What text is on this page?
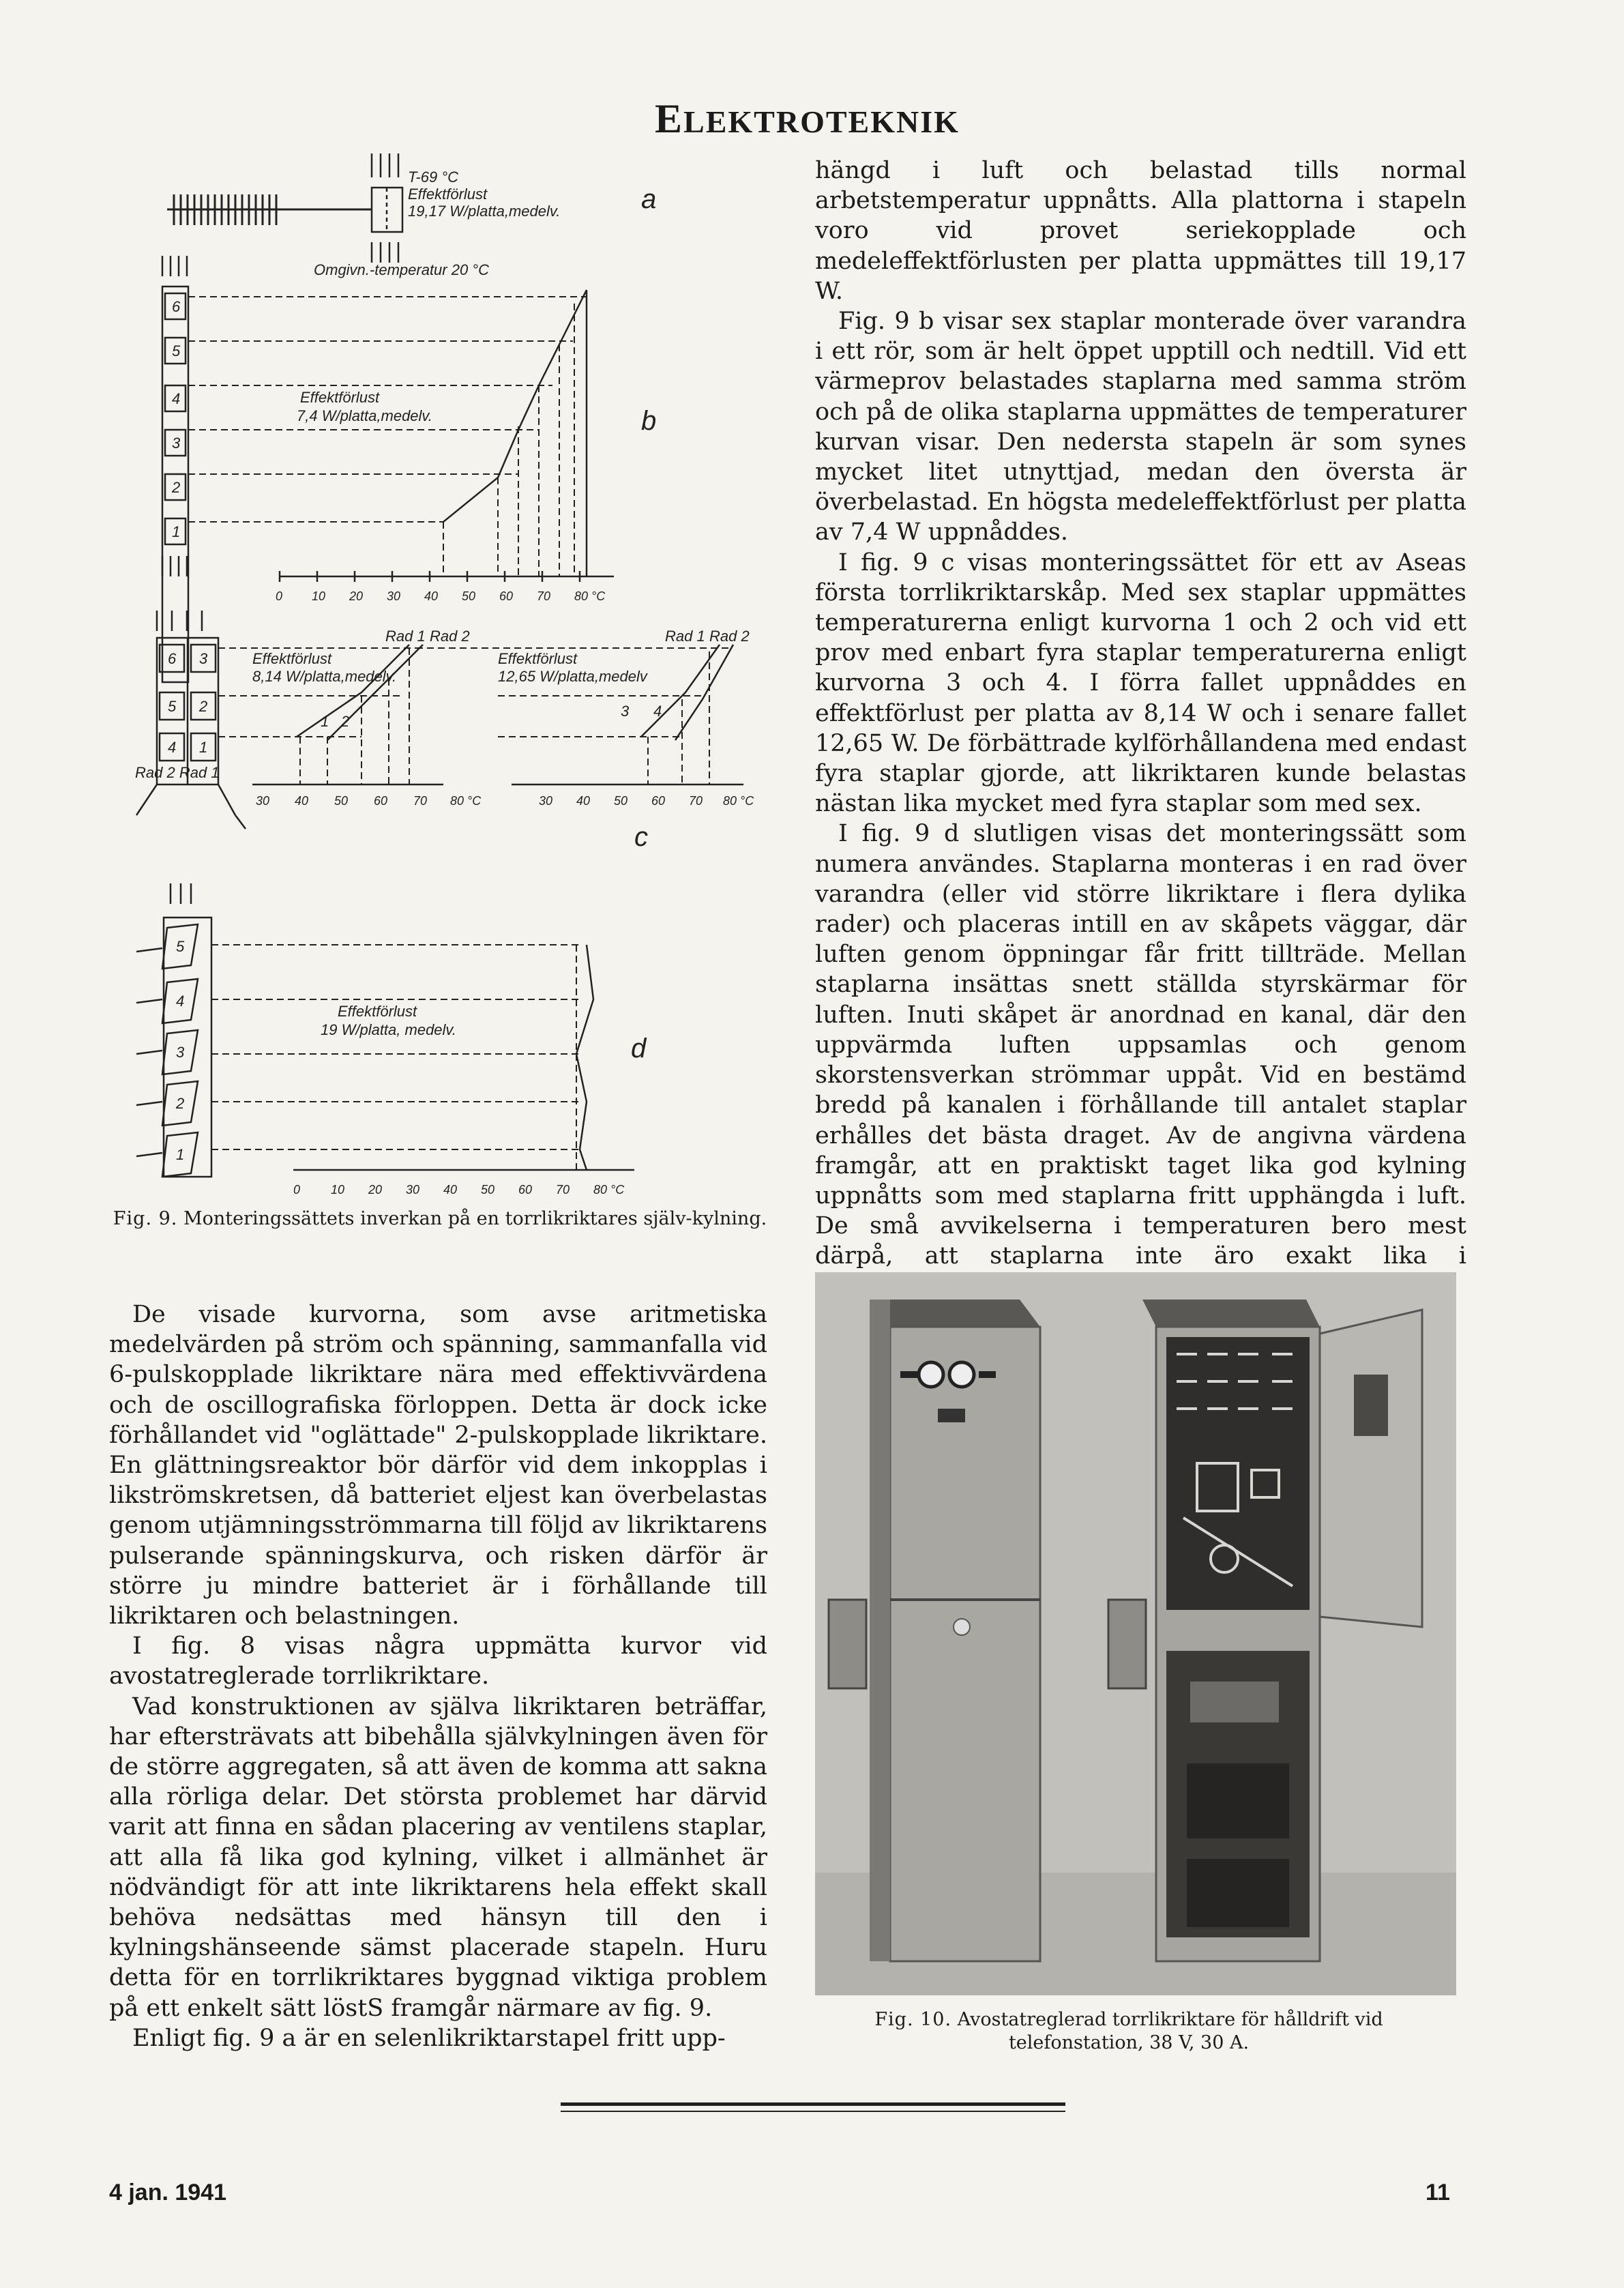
ELEKTROTEKNIK
T-69 °C
Effektförlust
19,17 W/platta,medelv.
Omgivn.-temperatur 20 °C
a
Effektförlust
7,4 W/platta,medelv.	b
6
5
4
3
2
1
0 10 20 30 40 50 60 70 80 °C
Rad 1 Rad 2	Rad 1 Rad 2
Effektförlust
8,14 W/platta,medelv.
Effektförlust
12,65 W/platta,medelv
6
5
4
3
2
1
Rad 2 Rad 1
30 40 50 60 70 80 °C	30 40 50 60 70 80 °C
1 2
3 4
c
Effektförlust
19 W/platta, medelv.
d
5
4
3
2
1
0 10 20 30 40 50 60 70 80 °C
Fig. 9. Monteringssättets inverkan på en torrlikriktares själv-kylning.

hängd i luft och belastad tills normal arbetstemperatur uppnåtts. Alla plattorna i stapeln voro vid provet seriekopplade och medeleffektförlusten per platta uppmättes till 19,17 W.

Fig. 9 b visar sex staplar monterade över varandra i ett rör, som är helt öppet upptill och nedtill. Vid ett värmeprov belastades staplarna med samma ström och på de olika staplarna uppmättes de temperaturer kurvan visar. Den nedersta stapeln är som synes mycket litet utnyttjad, medan den översta är överbelastad. En högsta medeleffektförlust per platta av 7,4 W uppnåddes.

I fig. 9 c visas monteringssättet för ett av Aseas första torrlikriktarskåp. Med sex staplar uppmättes temperaturerna enligt kurvorna 1 och 2 och vid ett prov med enbart fyra staplar temperaturerna enligt kurvorna 3 och 4. I förra fallet uppnåddes en effektförlust per platta av 8,14 W och i senare fallet 12,65 W. De förbättrade kylförhållandena med endast fyra staplar gjorde, att likriktaren kunde belastas nästan lika mycket med fyra staplar som med sex.

I fig. 9 d slutligen visas det monteringssätt som numera användes. Staplarna monteras i en rad över varandra (eller vid större likriktare i flera dylika rader) och placeras intill en av skåpets väggar, där luften genom öppningar får fritt tillträde. Mellan staplarna insättas snett ställda styrskärmar för luften. Inuti skåpet är anordnad en kanal, där den uppvärmda luften uppsamlas och genom skorstensverkan strömmar uppåt. Vid en bestämd bredd på kanalen i förhållande till antalet staplar erhålles det bästa draget. Av de angivna värdena framgår, att en praktiskt taget lika god kylning uppnåtts som med staplarna fritt upphängda i luft. De små avvikelserna i temperaturen bero mest därpå, att staplarna inte äro exakt lika i

Fig. 10. Avostatreglerad torrlikriktare för hålldrift vid
telefonstation, 38 V, 30 A.

De visade kurvorna, som avse aritmetiska medelvärden på ström och spänning, sammanfalla vid 6-pulskopplade likriktare nära med effektivvärdena och de oscillografiska förloppen. Detta är dock icke förhållandet vid "oglättade" 2-pulskopplade likriktare. En glättningsreaktor bör därför vid dem inkopplas i likströmskretsen, då batteriet eljest kan överbelastas genom utjämningsströmmarna till följd av likriktarens pulserande spänningskurva, och risken därför är större ju mindre batteriet är i förhållande till likriktaren och belastningen.

I fig. 8 visas några uppmätta kurvor vid avostatreglerade torrlikriktare.

Vad konstruktionen av själva likriktaren beträffar, har eftersträvats att bibehålla självkylningen även för de större aggregaten, så att även de komma att sakna alla rörliga delar. Det största problemet har därvid varit att finna en sådan placering av ventilens staplar, att alla få lika god kylning, vilket i allmänhet är nödvändigt för att inte likriktarens hela effekt skall behöva nedsättas med hänsyn till den i kylningshänseende sämst placerade stapeln. Huru detta för en torrlikriktares byggnad viktiga problem på ett enkelt sätt löstS framgår närmare av fig. 9.

Enligt fig. 9 a är en selenlikriktarstapel fritt upp-

4 jan. 1941	11
